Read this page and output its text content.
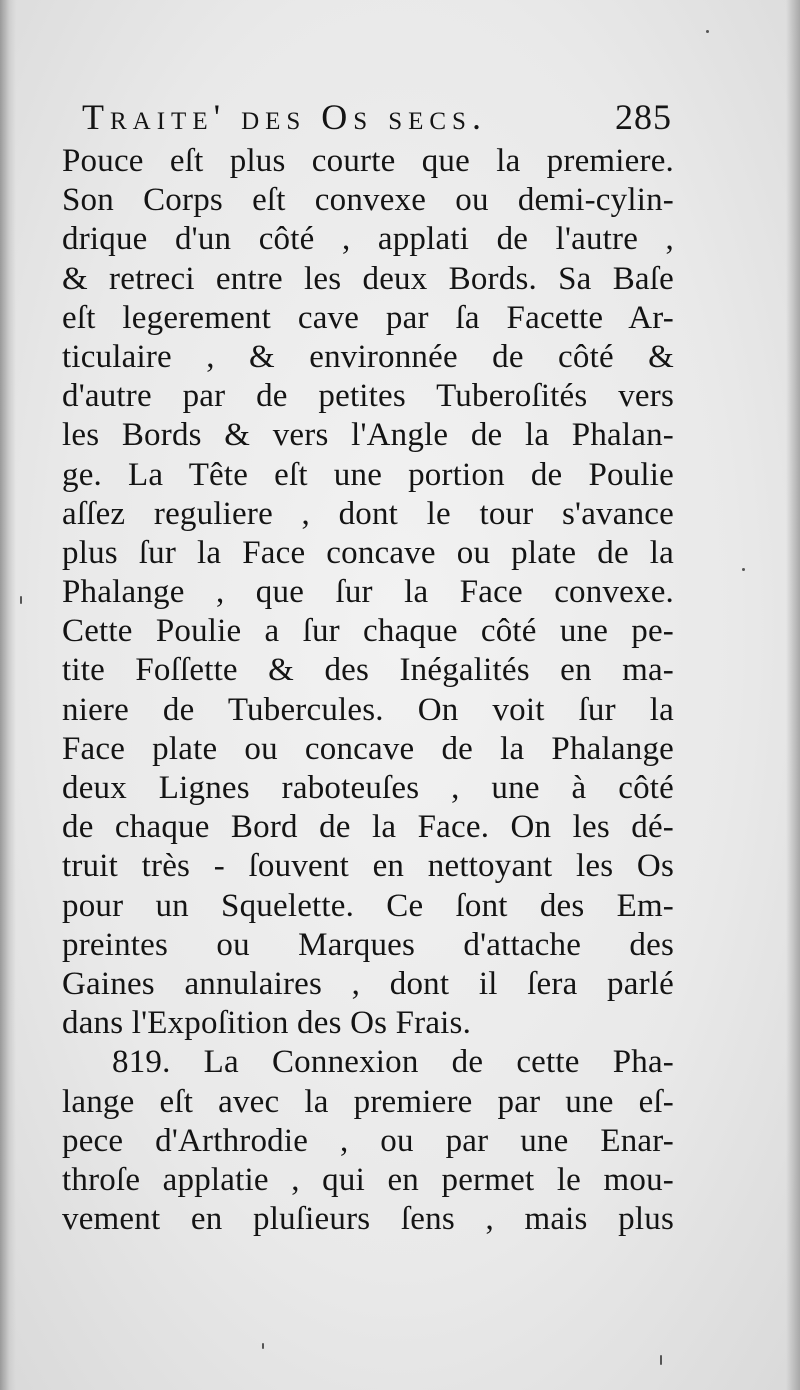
Traite' des Os secs.	285
Pouce eſt plus courte que la premiere.
Son Corps eſt convexe ou demi-cylin-
drique d'un côté , applati de l'autre ,
& retreci entre les deux Bords. Sa Baſe
eſt legerement cave par ſa Facette Ar-
ticulaire , & environnée de côté &
d'autre par de petites Tuberoſités vers
les Bords & vers l'Angle de la Phalan-
ge. La Tête eſt une portion de Poulie
aſſez reguliere , dont le tour s'avance
plus ſur la Face concave ou plate de la
Phalange , que ſur la Face convexe.
Cette Poulie a ſur chaque côté une pe-
tite Foſſette & des Inégalités en ma-
niere de Tubercules. On voit ſur la
Face plate ou concave de la Phalange
deux Lignes raboteuſes , une à côté
de chaque Bord de la Face. On les dé-
truit très - ſouvent en nettoyant les Os
pour un Squelette. Ce ſont des Em-
preintes ou Marques d'attache des
Gaines annulaires , dont il ſera parlé
dans l'Expoſition des Os Frais.
819. La Connexion de cette Pha-
lange eſt avec la premiere par une eſ-
pece d'Arthrodie , ou par une Enar-
throſe applatie , qui en permet le mou-
vement en pluſieurs ſens , mais plus
